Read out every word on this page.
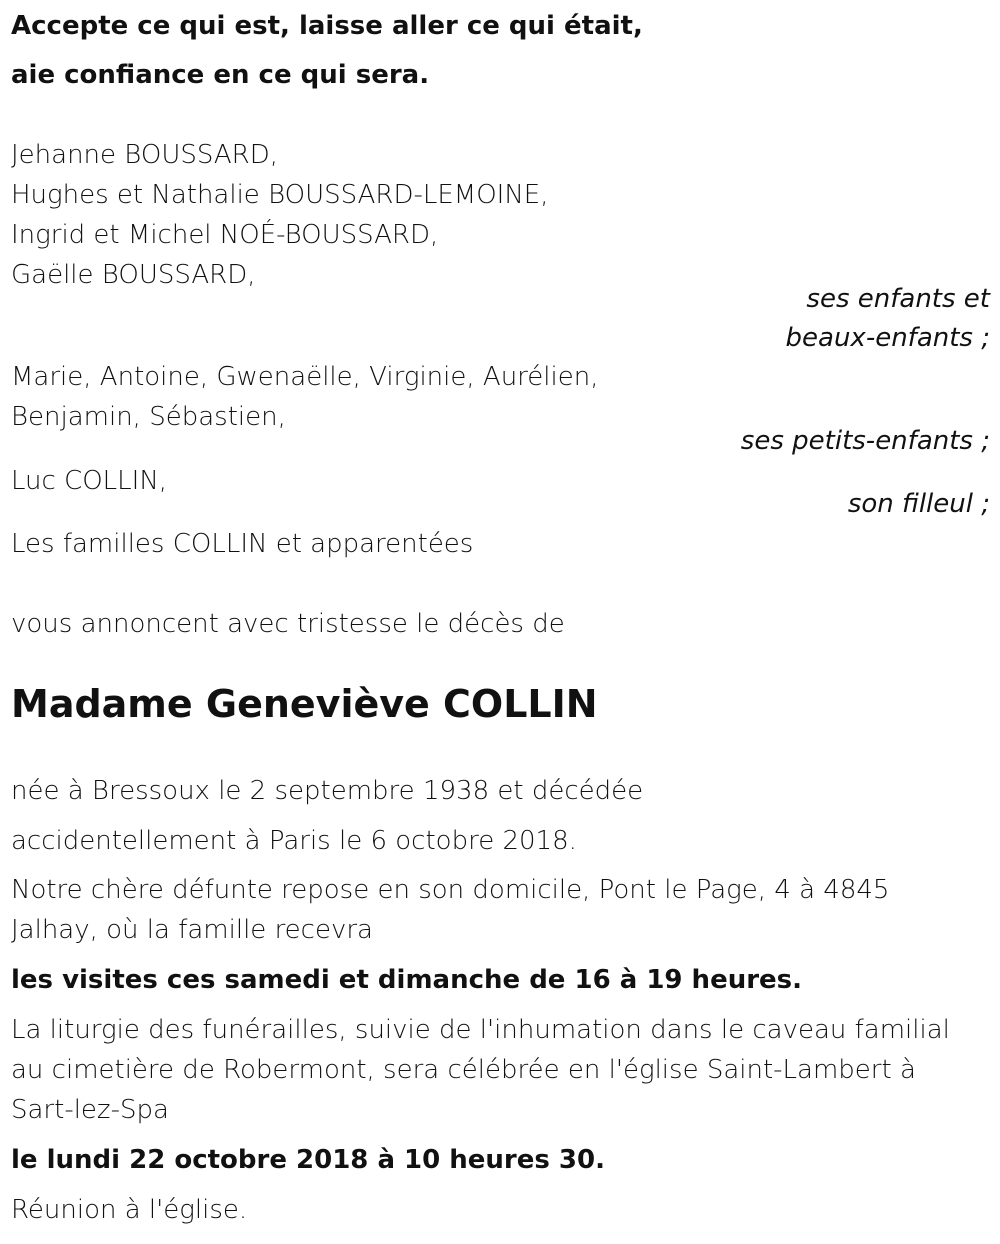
Accepte ce qui est, laisse aller ce qui était,
aie confiance en ce qui sera.
Jehanne BOUSSARD,
Hughes et Nathalie BOUSSARD-LEMOINE,
Ingrid et Michel NOÉ-BOUSSARD,
Gaëlle BOUSSARD,
ses enfants et
beaux-enfants ;
Marie, Antoine, Gwenaëlle, Virginie, Aurélien,
Benjamin, Sébastien,
ses petits-enfants ;
Luc COLLIN,
son filleul ;
Les familles COLLIN et apparentées
vous annoncent avec tristesse le décès de
Madame Geneviève COLLIN
née à Bressoux le 2 septembre 1938 et décédée
accidentellement à Paris le 6 octobre 2018.
Notre chère défunte repose en son domicile, Pont le Page, 4 à 4845
Jalhay, où la famille recevra
les visites ces samedi et dimanche de 16 à 19 heures.
La liturgie des funérailles, suivie de l'inhumation dans le caveau familial
au cimetière de Robermont, sera célébrée en l'église Saint-Lambert à
Sart-lez-Spa
le lundi 22 octobre 2018 à 10 heures 30.
Réunion à l'église.
